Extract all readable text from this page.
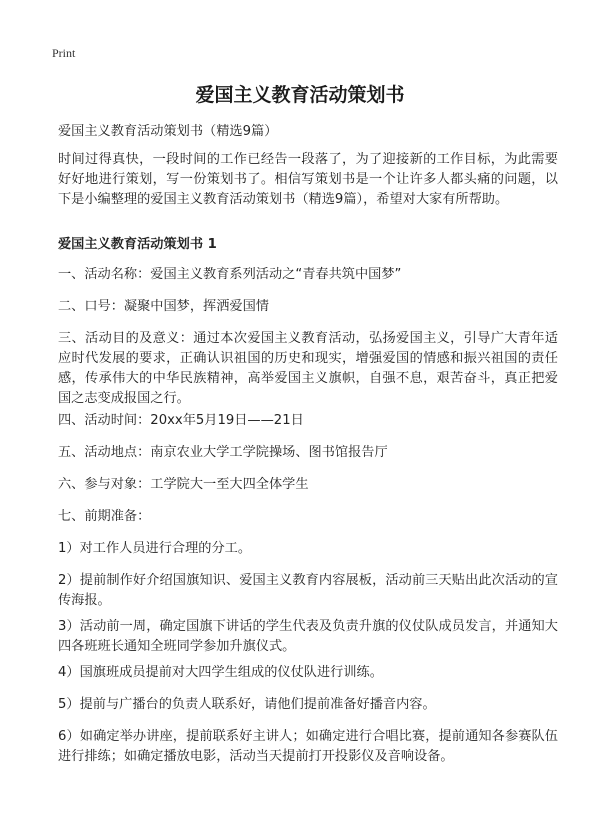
Print
爱国主义教育活动策划书
爱国主义教育活动策划书（精选9篇）
时间过得真快，一段时间的工作已经告一段落了，为了迎接新的工作目标，为此需要好好地进行策划，写一份策划书了。相信写策划书是一个让许多人都头痛的问题，以下是小编整理的爱国主义教育活动策划书（精选9篇），希望对大家有所帮助。
爱国主义教育活动策划书 1
一、活动名称：爱国主义教育系列活动之“青春共筑中国梦”
二、口号：凝聚中国梦，挥洒爱国情
三、活动目的及意义：通过本次爱国主义教育活动，弘扬爱国主义，引导广大青年适应时代发展的要求，正确认识祖国的历史和现实，增强爱国的情感和振兴祖国的责任感，传承伟大的中华民族精神，高举爱国主义旗帜，自强不息，艰苦奋斗，真正把爱国之志变成报国之行。
四、活动时间：20xx年5月19日——21日
五、活动地点：南京农业大学工学院操场、图书馆报告厅
六、参与对象：工学院大一至大四全体学生
七、前期准备：
1）对工作人员进行合理的分工。
2）提前制作好介绍国旗知识、爱国主义教育内容展板，活动前三天贴出此次活动的宣传海报。
3）活动前一周，确定国旗下讲话的学生代表及负责升旗的仪仗队成员发言，并通知大四各班班长通知全班同学参加升旗仪式。
4）国旗班成员提前对大四学生组成的仪仗队进行训练。
5）提前与广播台的负责人联系好，请他们提前准备好播音内容。
6）如确定举办讲座，提前联系好主讲人；如确定进行合唱比赛，提前通知各参赛队伍进行排练；如确定播放电影，活动当天提前打开投影仪及音响设备。
